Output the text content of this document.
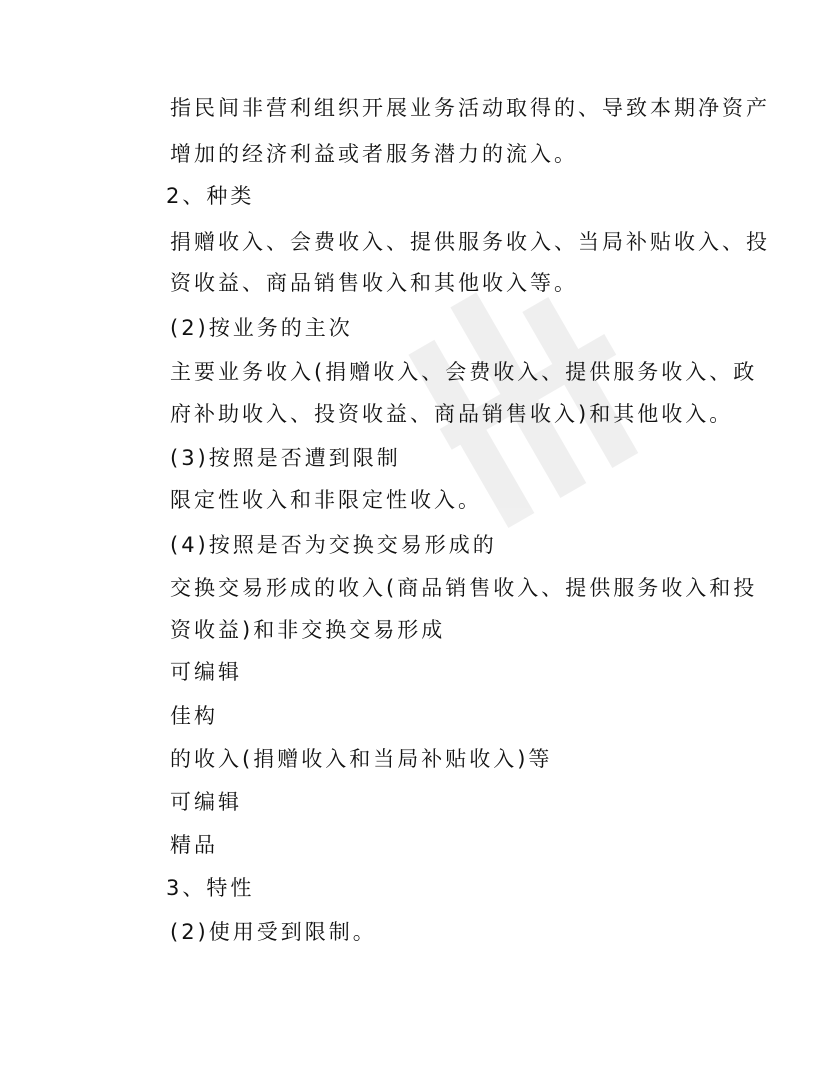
指民间非营利组织开展业务活动取得的、导致本期净资产
增加的经济利益或者服务潜力的流入。
2、种类
捐赠收入、会费收入、提供服务收入、当局补贴收入、投
资收益、商品销售收入和其他收入等。
(2)按业务的主次
主要业务收入(捐赠收入、会费收入、提供服务收入、政
府补助收入、投资收益、商品销售收入)和其他收入。
(3)按照是否遭到限制
限定性收入和非限定性收入。
(4)按照是否为交换交易形成的
交换交易形成的收入(商品销售收入、提供服务收入和投
资收益)和非交换交易形成
可编辑
佳构
的收入(捐赠收入和当局补贴收入)等
可编辑
精品
3、特性
(2)使用受到限制。
